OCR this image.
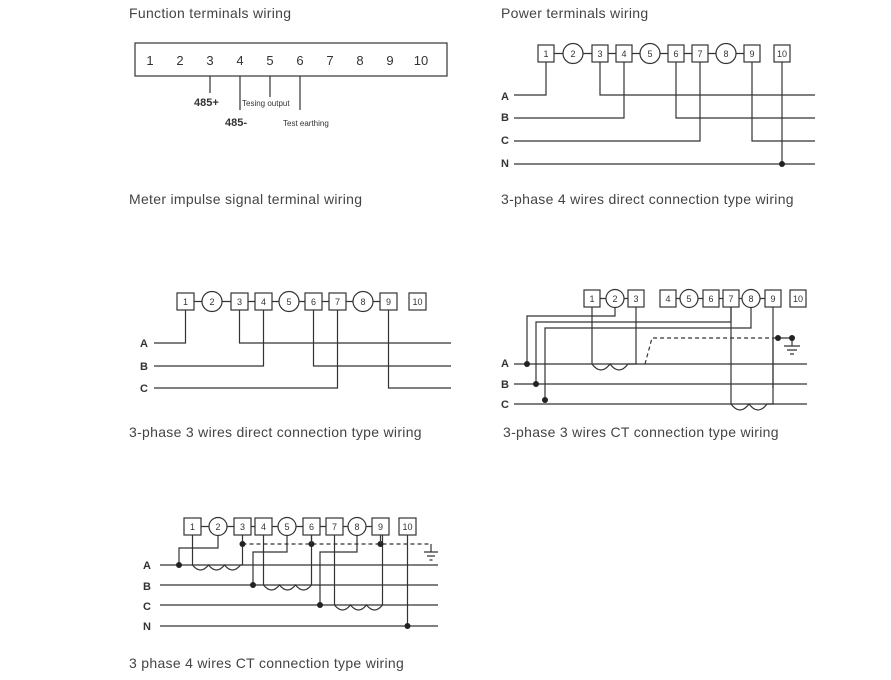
Function terminals wiring	Power terminals wiring
Meter impulse signal terminal wiring	3-phase 4 wires direct connection type wiring
3-phase 3 wires direct connection type wiring	3-phase 3 wires CT connection type wiring
3 phase 4 wires CT connection type wiring
1 2 3 4 5 6 7 8 9 10
485+
485-
Tesing output
Test earthing
1 2 3 4 5 6 7 8 9 10
A
B
C
N
1 2 3 4 5 6 7 8 9 10
A
B
C
1 2 3	4 5 6 7 8 9 10
A
B
C
1 2 3 4 5 6 7 8 9 10
A
B
C
N
